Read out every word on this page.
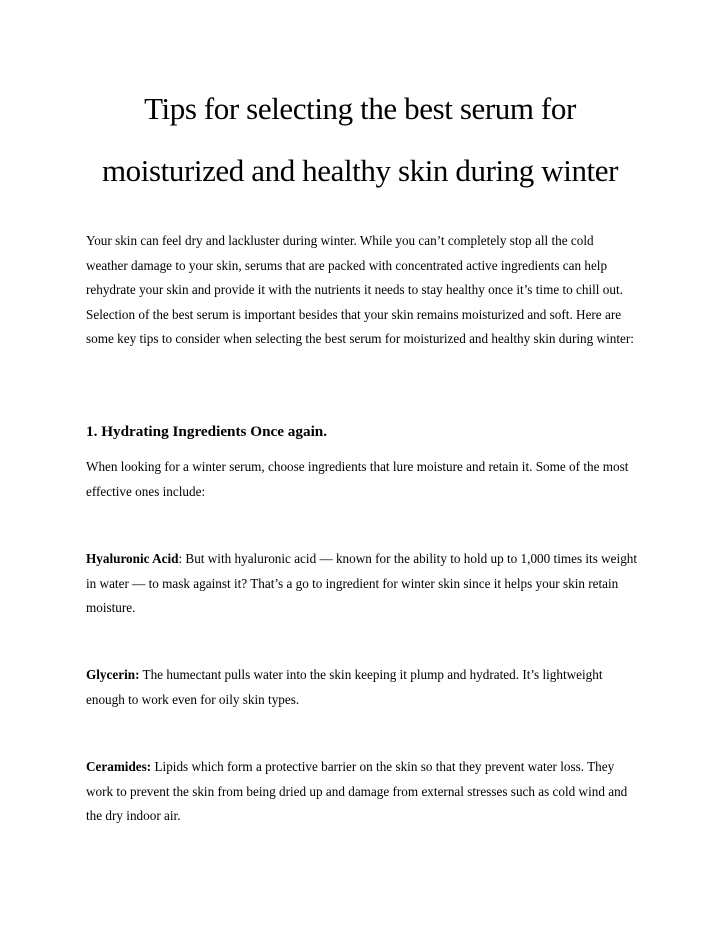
Tips for selecting the best serum for
moisturized and healthy skin during winter

Your skin can feel dry and lackluster during winter. While you can’t completely stop all the cold weather damage to your skin, serums that are packed with concentrated active ingredients can help rehydrate your skin and provide it with the nutrients it needs to stay healthy once it’s time to chill out. Selection of the best serum is important besides that your skin remains moisturized and soft. Here are some key tips to consider when selecting the best serum for moisturized and healthy skin during winter:

1. Hydrating Ingredients Once again.

When looking for a winter serum, choose ingredients that lure moisture and retain it. Some of the most effective ones include:

Hyaluronic Acid: But with hyaluronic acid — known for the ability to hold up to 1,000 times its weight in water — to mask against it? That’s a go to ingredient for winter skin since it helps your skin retain moisture.

Glycerin: The humectant pulls water into the skin keeping it plump and hydrated. It’s lightweight enough to work even for oily skin types.

Ceramides: Lipids which form a protective barrier on the skin so that they prevent water loss. They work to prevent the skin from being dried up and damage from external stresses such as cold wind and the dry indoor air.
